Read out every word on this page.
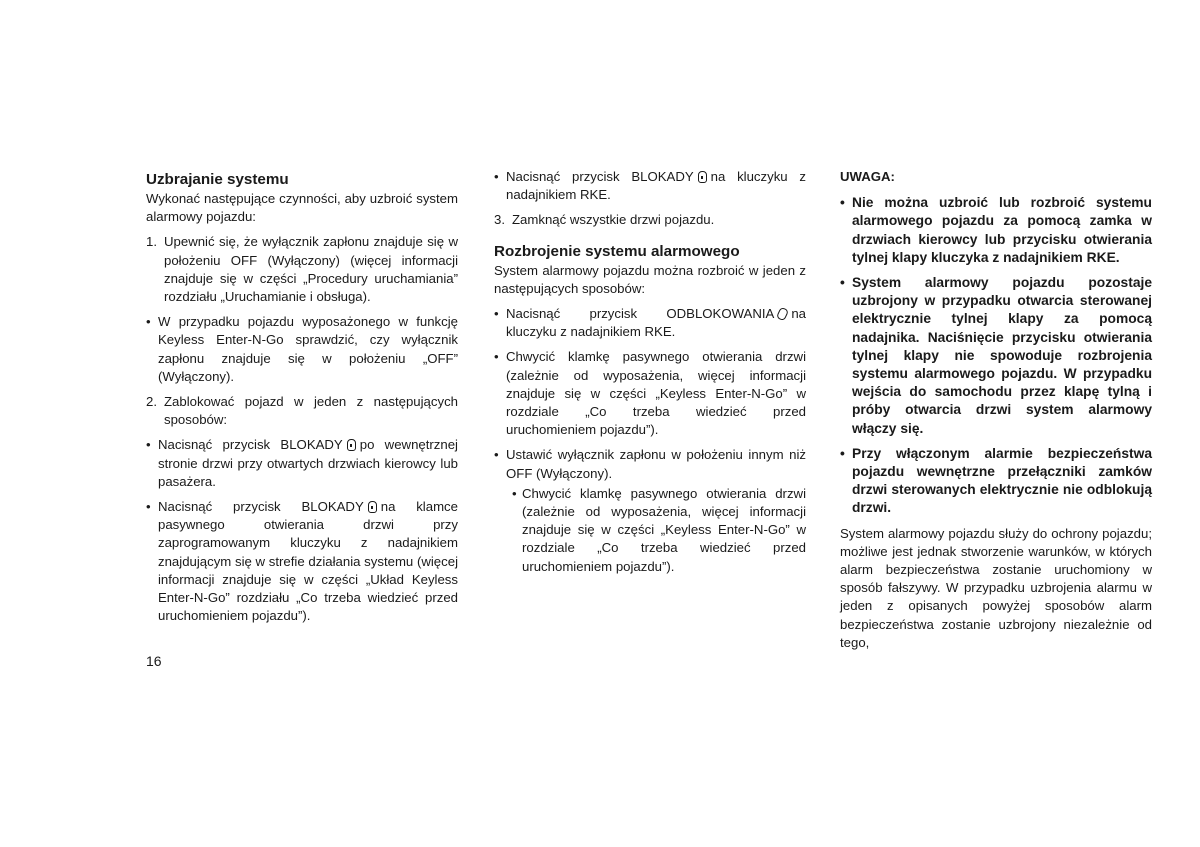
Uzbrajanie systemu

Wykonać następujące czynności, aby uzbroić system alarmowy pojazdu:

1. Upewnić się, że wyłącznik zapłonu znajduje się w położeniu OFF (Wyłączony) (więcej informacji znajduje się w części „Procedury uruchamiania” rozdziału „Uruchamianie i obsługa).
• W przypadku pojazdu wyposażonego w funkcję Keyless Enter-N-Go sprawdzić, czy wyłącznik zapłonu znajduje się w położeniu „OFF” (Wyłączony).
2. Zablokować pojazd w jeden z następujących sposobów:
• Nacisnąć przycisk BLOKADY po wewnętrznej stronie drzwi przy otwartych drzwiach kierowcy lub pasażera.
• Nacisnąć przycisk BLOKADY na klamce pasywnego otwierania drzwi przy zaprogramowanym kluczyku z nadajnikiem znajdującym się w strefie działania systemu (więcej informacji znajduje się w części „Układ Keyless Enter-N-Go” rozdziału „Co trzeba wiedzieć przed uruchomieniem pojazdu”).
• Nacisnąć przycisk BLOKADY na kluczyku z nadajnikiem RKE.
3. Zamknąć wszystkie drzwi pojazdu.
Rozbrojenie systemu alarmowego

System alarmowy pojazdu można rozbroić w jeden z następujących sposobów:

• Nacisnąć przycisk ODBLOKOWANIA na kluczyku z nadajnikiem RKE.
• Chwycić klamkę pasywnego otwierania drzwi (zależnie od wyposażenia, więcej informacji znajduje się w części „Keyless Enter-N-Go” w rozdziale „Co trzeba wiedzieć przed uruchomieniem pojazdu”).
• Ustawić wyłącznik zapłonu w położeniu innym niż OFF (Wyłączony).
• Chwycić klamkę pasywnego otwierania drzwi (zależnie od wyposażenia, więcej informacji znajduje się w części „Keyless Enter-N-Go” w rozdziale „Co trzeba wiedzieć przed uruchomieniem pojazdu”).
UWAGA:
• Nie można uzbroić lub rozbroić systemu alarmowego pojazdu za pomocą zamka w drzwiach kierowcy lub przycisku otwierania tylnej klapy kluczyka z nadajnikiem RKE.
• System alarmowy pojazdu pozostaje uzbrojony w przypadku otwarcia sterowanej elektrycznie tylnej klapy za pomocą nadajnika. Naciśnięcie przycisku otwierania tylnej klapy nie spowoduje rozbrojenia systemu alarmowego pojazdu. W przypadku wejścia do samochodu przez klapę tylną i próby otwarcia drzwi system alarmowy włączy się.
• Przy włączonym alarmie bezpieczeństwa pojazdu wewnętrzne przełączniki zamków drzwi sterowanych elektrycznie nie odblokują drzwi.

System alarmowy pojazdu służy do ochrony pojazdu; możliwe jest jednak stworzenie warunków, w których alarm bezpieczeństwa zostanie uruchomiony w sposób fałszywy. W przypadku uzbrojenia alarmu w jeden z opisanych powyżej sposobów alarm bezpieczeństwa zostanie uzbrojony niezależnie od tego,

16
